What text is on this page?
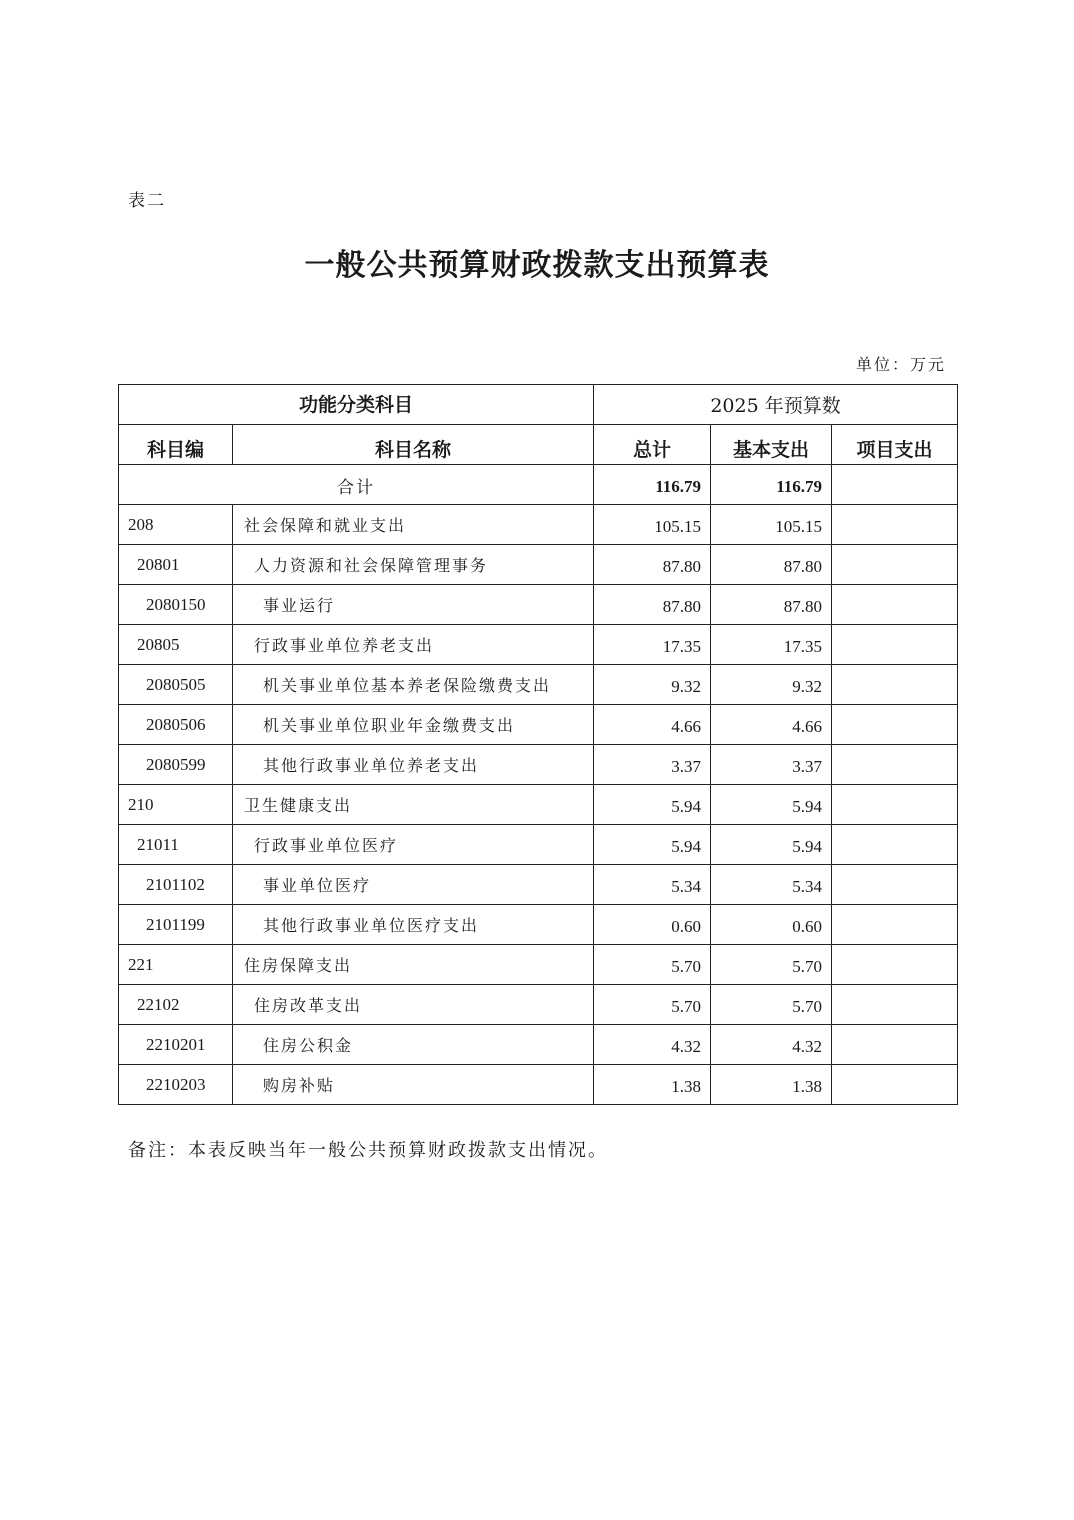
表二
一般公共预算财政拨款支出预算表
单位：万元
功能分类科目		2025 年预算数		
科目编	科目名称	总计	基本支出	项目支出
合计		116.79	116.79	
208	社会保障和就业支出	105.15	105.15	
20801	人力资源和社会保障管理事务	87.80	87.80	
2080150	事业运行	87.80	87.80	
20805	行政事业单位养老支出	17.35	17.35	
2080505	机关事业单位基本养老保险缴费支出	9.32	9.32	
2080506	机关事业单位职业年金缴费支出	4.66	4.66	
2080599	其他行政事业单位养老支出	3.37	3.37	
210	卫生健康支出	5.94	5.94	
21011	行政事业单位医疗	5.94	5.94	
2101102	事业单位医疗	5.34	5.34	
2101199	其他行政事业单位医疗支出	0.60	0.60	
221	住房保障支出	5.70	5.70	
22102	住房改革支出	5.70	5.70	
2210201	住房公积金	4.32	4.32	
2210203	购房补贴	1.38	1.38	
备注：本表反映当年一般公共预算财政拨款支出情况。
